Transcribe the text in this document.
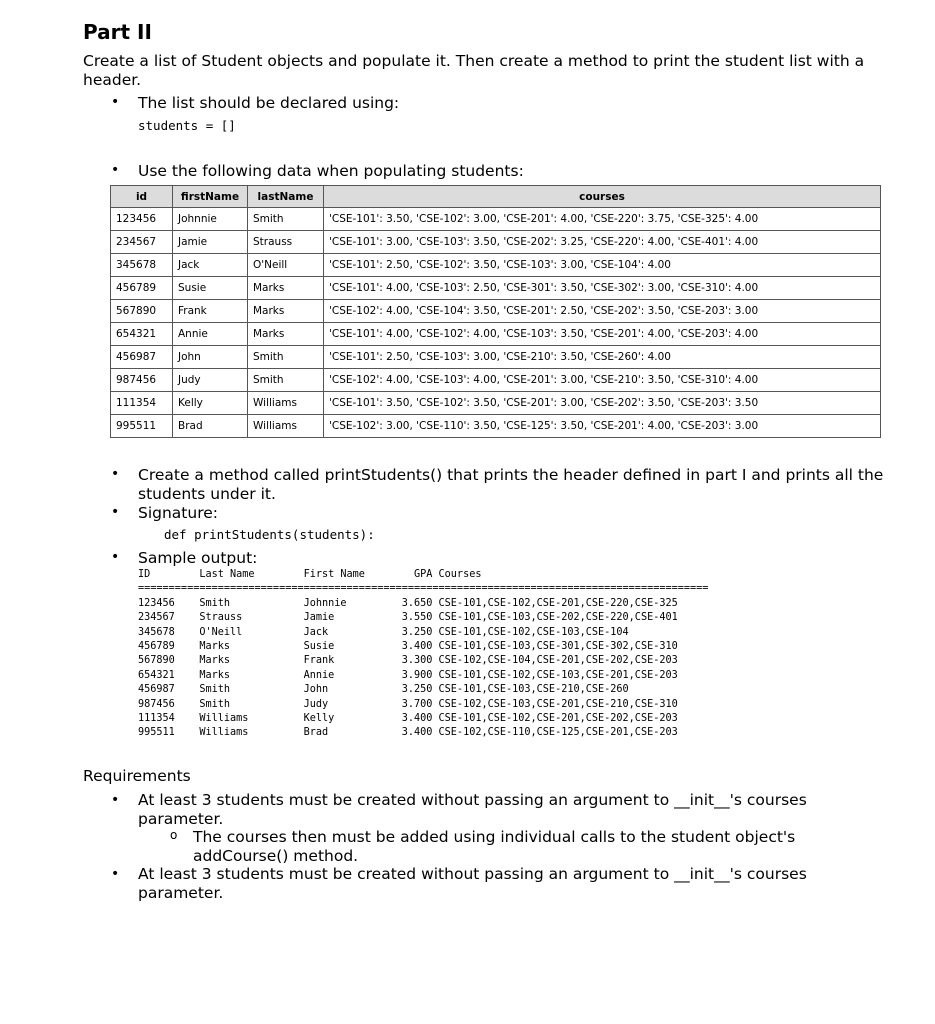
Part II
Create a list of Student objects and populate it. Then create a method to print the student list with a
header.
• The list should be declared using:
students = []
• Use the following data when populating students:
id	firstName	lastName	courses
123456	Johnnie	Smith	'CSE-101': 3.50, 'CSE-102': 3.00, 'CSE-201': 4.00, 'CSE-220': 3.75, 'CSE-325': 4.00
234567	Jamie	Strauss	'CSE-101': 3.00, 'CSE-103': 3.50, 'CSE-202': 3.25, 'CSE-220': 4.00, 'CSE-401': 4.00
345678	Jack	O'Neill	'CSE-101': 2.50, 'CSE-102': 3.50, 'CSE-103': 3.00, 'CSE-104': 4.00
456789	Susie	Marks	'CSE-101': 4.00, 'CSE-103': 2.50, 'CSE-301': 3.50, 'CSE-302': 3.00, 'CSE-310': 4.00
567890	Frank	Marks	'CSE-102': 4.00, 'CSE-104': 3.50, 'CSE-201': 2.50, 'CSE-202': 3.50, 'CSE-203': 3.00
654321	Annie	Marks	'CSE-101': 4.00, 'CSE-102': 4.00, 'CSE-103': 3.50, 'CSE-201': 4.00, 'CSE-203': 4.00
456987	John	Smith	'CSE-101': 2.50, 'CSE-103': 3.00, 'CSE-210': 3.50, 'CSE-260': 4.00
987456	Judy	Smith	'CSE-102': 4.00, 'CSE-103': 4.00, 'CSE-201': 3.00, 'CSE-210': 3.50, 'CSE-310': 4.00
111354	Kelly	Williams	'CSE-101': 3.50, 'CSE-102': 3.50, 'CSE-201': 3.00, 'CSE-202': 3.50, 'CSE-203': 3.50
995511	Brad	Williams	'CSE-102': 3.00, 'CSE-110': 3.50, 'CSE-125': 3.50, 'CSE-201': 4.00, 'CSE-203': 3.00
• Create a method called printStudents() that prints the header defined in part I and prints all the
students under it.
• Signature:
def printStudents(students):
• Sample output:
ID        Last Name        First Name        GPA Courses
=============================================================================================
123456    Smith            Johnnie         3.650 CSE-101,CSE-102,CSE-201,CSE-220,CSE-325
234567    Strauss          Jamie           3.550 CSE-101,CSE-103,CSE-202,CSE-220,CSE-401
345678    O'Neill          Jack            3.250 CSE-101,CSE-102,CSE-103,CSE-104
456789    Marks            Susie           3.400 CSE-101,CSE-103,CSE-301,CSE-302,CSE-310
567890    Marks            Frank           3.300 CSE-102,CSE-104,CSE-201,CSE-202,CSE-203
654321    Marks            Annie           3.900 CSE-101,CSE-102,CSE-103,CSE-201,CSE-203
456987    Smith            John            3.250 CSE-101,CSE-103,CSE-210,CSE-260
987456    Smith            Judy            3.700 CSE-102,CSE-103,CSE-201,CSE-210,CSE-310
111354    Williams         Kelly           3.400 CSE-101,CSE-102,CSE-201,CSE-202,CSE-203
995511    Williams         Brad            3.400 CSE-102,CSE-110,CSE-125,CSE-201,CSE-203
Requirements
• At least 3 students must be created without passing an argument to __init__'s courses
parameter.
o The courses then must be added using individual calls to the student object's
addCourse() method.
• At least 3 students must be created without passing an argument to __init__'s courses
parameter.
